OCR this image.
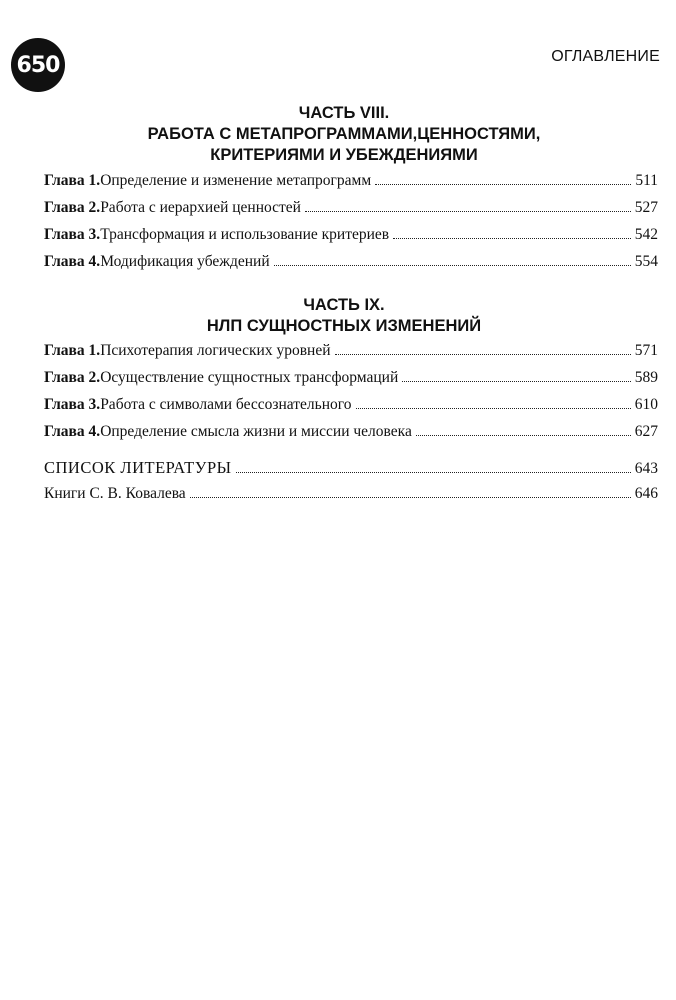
650	ОГЛАВЛЕНИЕ
ЧАСТЬ VIII.
РАБОТА С МЕТАПРОГРАММАМИ,ЦЕННОСТЯМИ,
КРИТЕРИЯМИ И УБЕЖДЕНИЯМИ
Глава 1. Определение и изменение метапрограмм	511
Глава 2. Работа с иерархией ценностей	527
Глава 3. Трансформация и использование критериев	542
Глава 4. Модификация убеждений	554
ЧАСТЬ IX.
НЛП СУЩНОСТНЫХ ИЗМЕНЕНИЙ
Глава 1. Психотерапия логических уровней	571
Глава 2. Осуществление сущностных трансформаций	589
Глава 3. Работа с символами бессознательного	610
Глава 4. Определение смысла жизни и миссии человека	627
СПИСОК ЛИТЕРАТУРЫ	643
Книги С. В. Ковалева	646
